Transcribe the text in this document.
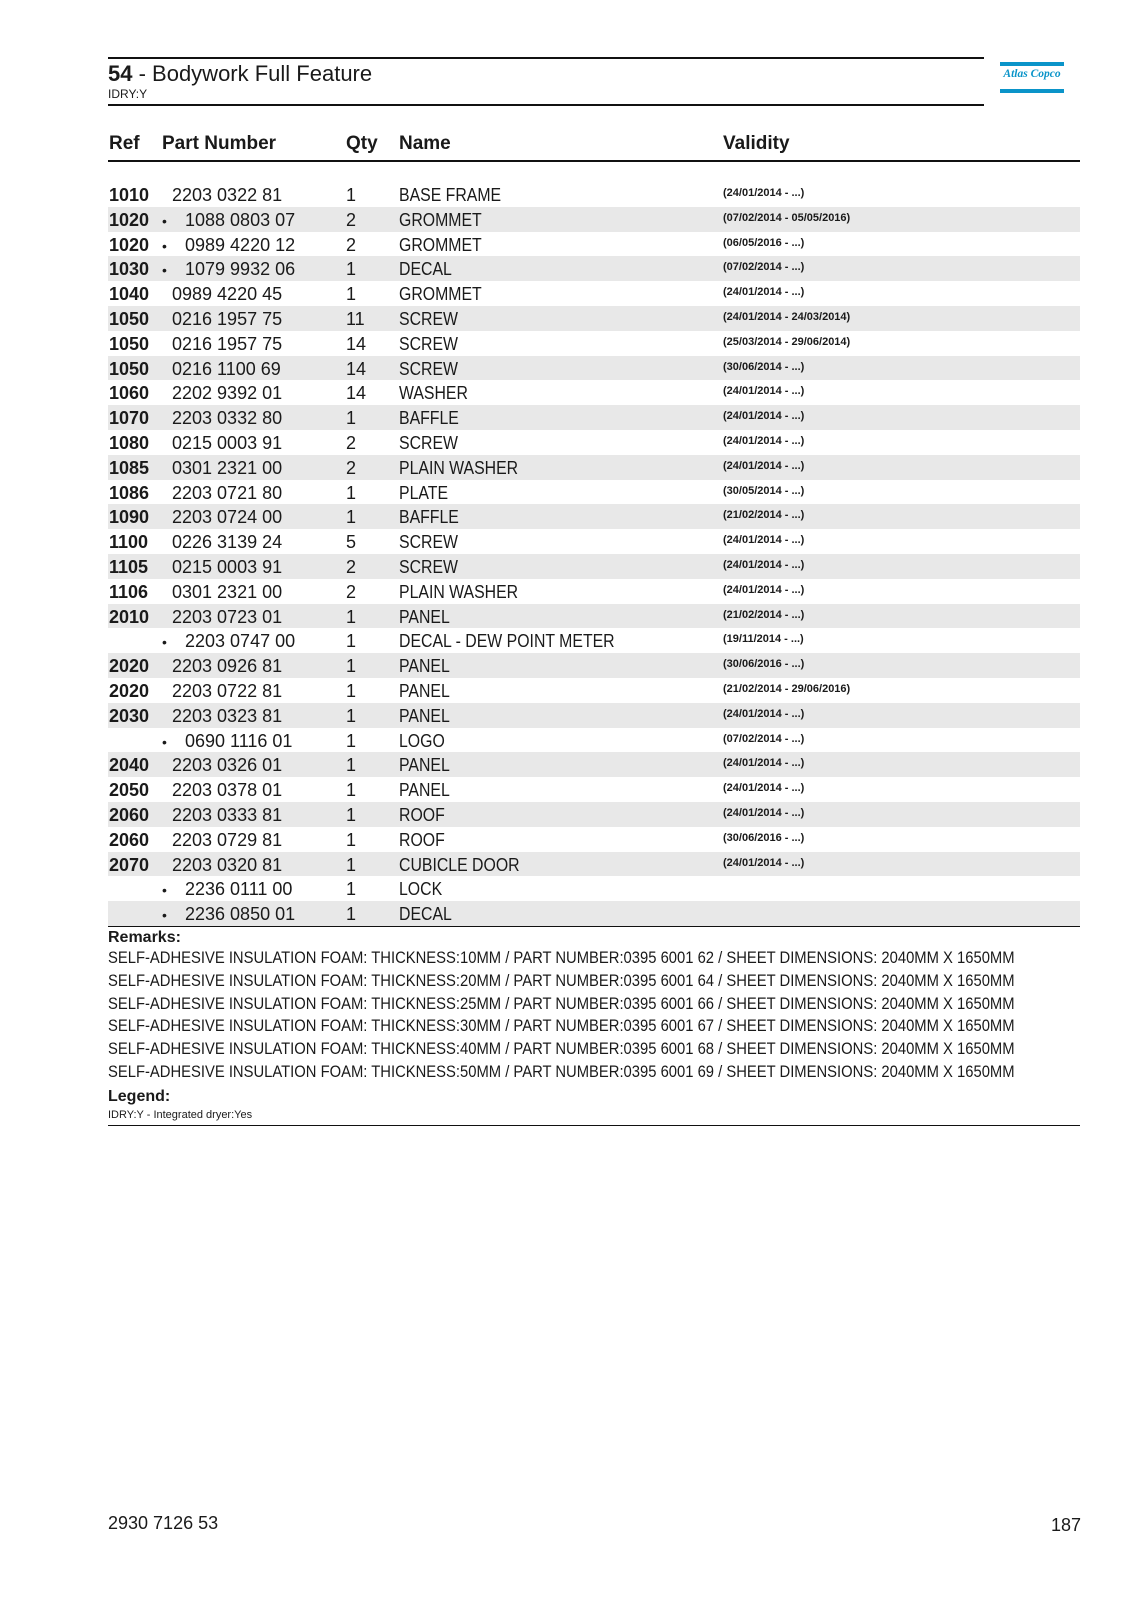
54 - Bodywork Full Feature
IDRY:Y
Atlas Copco
Ref Part Number	Qty Name	Validity
1010 2203 0322 81	1 BASE FRAME	(24/01/2014 - ...)
1020 • 1088 0803 07	2 GROMMET	(07/02/2014 - 05/05/2016)
1020 • 0989 4220 12	2 GROMMET	(06/05/2016 - ...)
1030 • 1079 9932 06	1 DECAL	(07/02/2014 - ...)
1040 0989 4220 45	1 GROMMET	(24/01/2014 - ...)
1050 0216 1957 75	11 SCREW	(24/01/2014 - 24/03/2014)
1050 0216 1957 75	14 SCREW	(25/03/2014 - 29/06/2014)
1050 0216 1100 69	14 SCREW	(30/06/2014 - ...)
1060 2202 9392 01	14 WASHER	(24/01/2014 - ...)
1070 2203 0332 80	1 BAFFLE	(24/01/2014 - ...)
1080 0215 0003 91	2 SCREW	(24/01/2014 - ...)
1085 0301 2321 00	2 PLAIN WASHER	(24/01/2014 - ...)
1086 2203 0721 80	1 PLATE	(30/05/2014 - ...)
1090 2203 0724 00	1 BAFFLE	(21/02/2014 - ...)
1100 0226 3139 24	5 SCREW	(24/01/2014 - ...)
1105 0215 0003 91	2 SCREW	(24/01/2014 - ...)
1106 0301 2321 00	2 PLAIN WASHER	(24/01/2014 - ...)
2010 2203 0723 01	1 PANEL	(21/02/2014 - ...)
• 2203 0747 00	1 DECAL - DEW POINT METER	(19/11/2014 - ...)
2020 2203 0926 81	1 PANEL	(30/06/2016 - ...)
2020 2203 0722 81	1 PANEL	(21/02/2014 - 29/06/2016)
2030 2203 0323 81	1 PANEL	(24/01/2014 - ...)
• 0690 1116 01	1 LOGO	(07/02/2014 - ...)
2040 2203 0326 01	1 PANEL	(24/01/2014 - ...)
2050 2203 0378 01	1 PANEL	(24/01/2014 - ...)
2060 2203 0333 81	1 ROOF	(24/01/2014 - ...)
2060 2203 0729 81	1 ROOF	(30/06/2016 - ...)
2070 2203 0320 81	1 CUBICLE DOOR	(24/01/2014 - ...)
• 2236 0111 00	1 LOCK
• 2236 0850 01	1 DECAL
Remarks:
SELF-ADHESIVE INSULATION FOAM: THICKNESS:10MM / PART NUMBER:0395 6001 62 / SHEET DIMENSIONS: 2040MM X 1650MM
SELF-ADHESIVE INSULATION FOAM: THICKNESS:20MM / PART NUMBER:0395 6001 64 / SHEET DIMENSIONS: 2040MM X 1650MM
SELF-ADHESIVE INSULATION FOAM: THICKNESS:25MM / PART NUMBER:0395 6001 66 / SHEET DIMENSIONS: 2040MM X 1650MM
SELF-ADHESIVE INSULATION FOAM: THICKNESS:30MM / PART NUMBER:0395 6001 67 / SHEET DIMENSIONS: 2040MM X 1650MM
SELF-ADHESIVE INSULATION FOAM: THICKNESS:40MM / PART NUMBER:0395 6001 68 / SHEET DIMENSIONS: 2040MM X 1650MM
SELF-ADHESIVE INSULATION FOAM: THICKNESS:50MM / PART NUMBER:0395 6001 69 / SHEET DIMENSIONS: 2040MM X 1650MM
Legend:
IDRY:Y - Integrated dryer:Yes
2930 7126 53	187
